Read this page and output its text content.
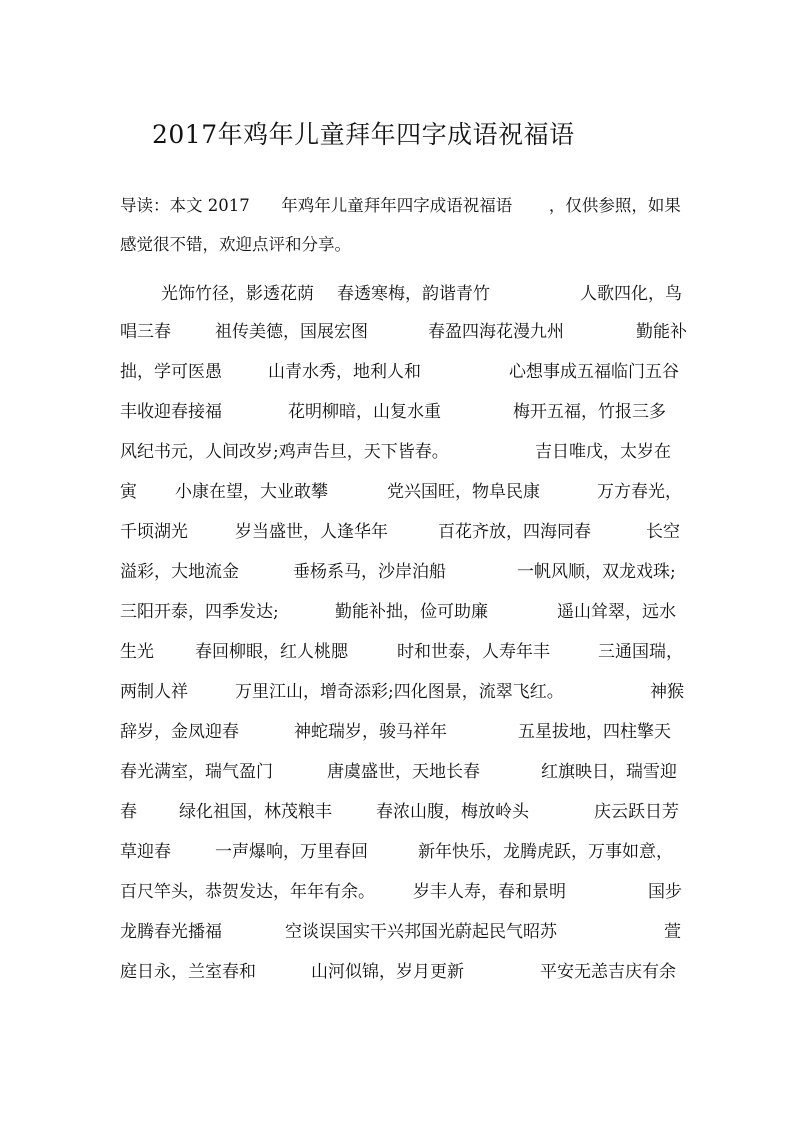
2017年鸡年儿童拜年四字成语祝福语
导读：本文 2017      年鸡年儿童拜年四字成语祝福语       ，仅供参照，如果
感觉很不错，欢迎点评和分享。
光饰竹径，影透花荫 春透寒梅，韵谐青竹	人歌四化，鸟
唱三春	祖传美德，国展宏图	春盈四海花漫九州	勤能补
拙，学可医愚	山青水秀，地利人和	心想事成五福临门五谷
丰收迎春接福	花明柳暗，山复水重	梅开五福，竹报三多
风纪书元，人间改岁;鸡声告旦，天下皆春。	吉日唯戊，太岁在
寅 小康在望，大业敢攀	党兴国旺，物阜民康	万方春光，
千顷湖光	岁当盛世，人逢华年	百花齐放，四海同春	长空
溢彩，大地流金	垂杨系马，沙岸泊船	一帆风顺，双龙戏珠;
三阳开泰，四季发达;	勤能补拙，俭可助廉	遥山耸翠，远水
生光 春回柳眼，红人桃腮	时和世泰，人寿年丰	三通国瑞，
两制人祥	万里江山，增奇添彩;四化图景，流翠飞红。	神猴
辞岁，金凤迎春	神蛇瑞岁，骏马祥年	五星拔地，四柱擎天
春光满室，瑞气盈门	唐虞盛世，天地长春	红旗映日，瑞雪迎
春 绿化祖国，林茂粮丰	春浓山腹，梅放岭头	庆云跃日芳
草迎春	一声爆响，万里春回	新年快乐，龙腾虎跃，万事如意，
百尺竿头，恭贺发达，年年有余。 岁丰人寿，春和景明	国步
龙腾春光播福	空谈误国实干兴邦国光蔚起民气昭苏	萱
庭日永，兰室春和	山河似锦，岁月更新	平安无恙吉庆有余
